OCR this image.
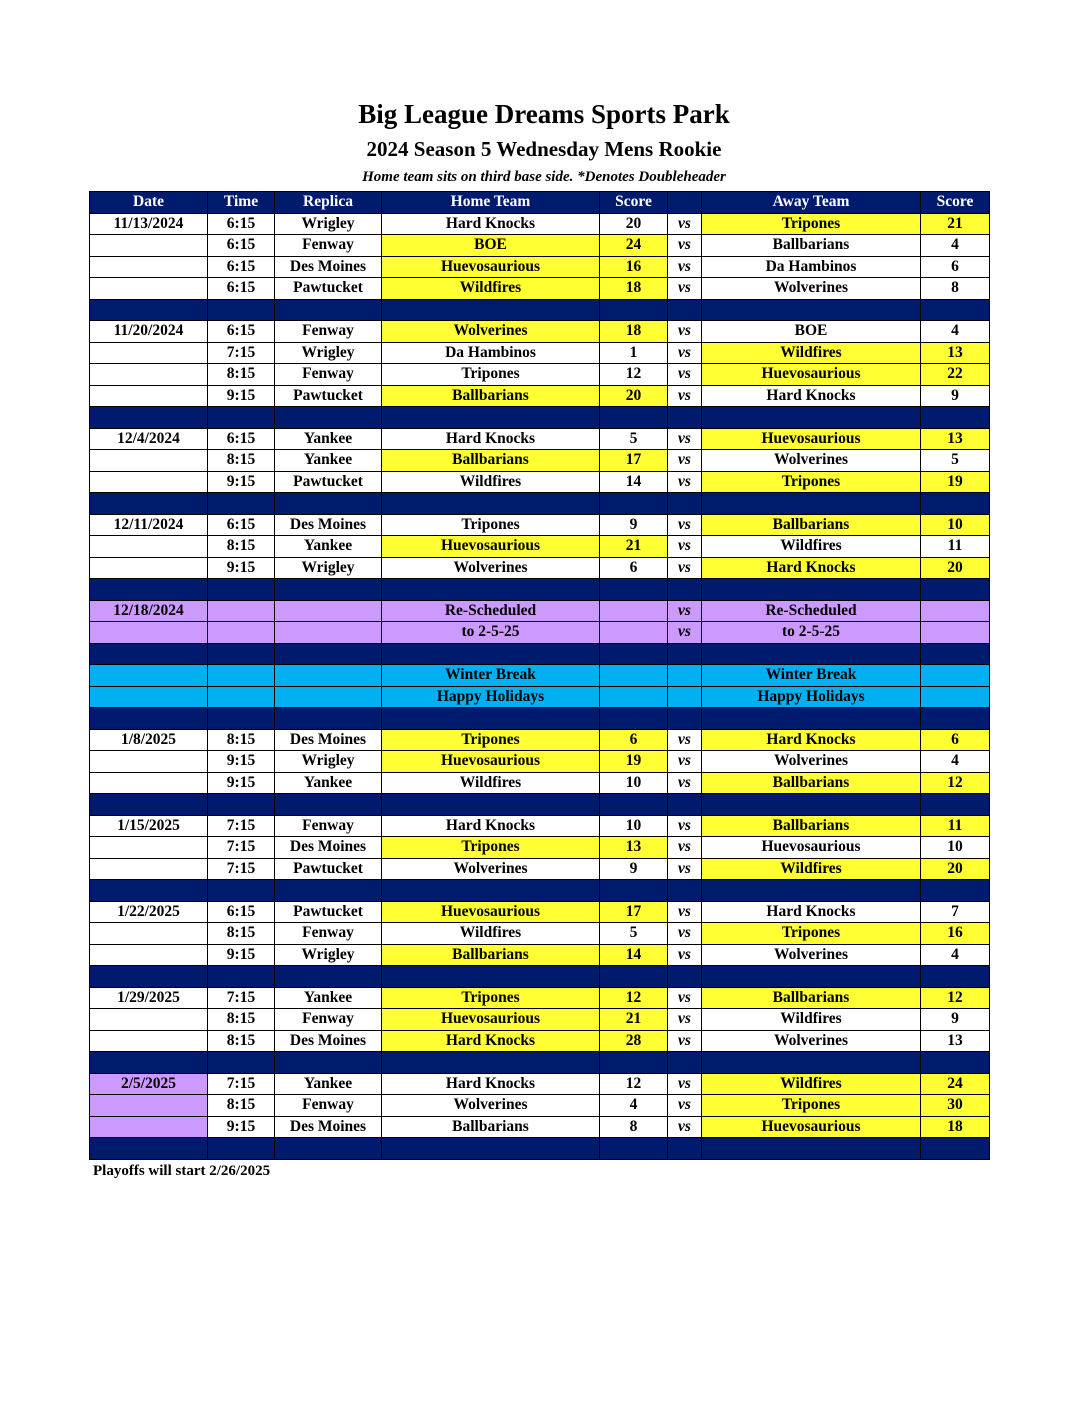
Big League Dreams Sports Park
2024 Season 5 Wednesday Mens Rookie
Home team sits on third base side. *Denotes Doubleheader
Date	Time	Replica	Home Team	Score		Away Team	Score
11/13/2024	6:15	Wrigley	Hard Knocks	20	vs	Tripones	21
	6:15	Fenway	BOE	24	vs	Ballbarians	4
	6:15	Des Moines	Huevosaurious	16	vs	Da Hambinos	6
	6:15	Pawtucket	Wildfires	18	vs	Wolverines	8

11/20/2024	6:15	Fenway	Wolverines	18	vs	BOE	4
	7:15	Wrigley	Da Hambinos	1	vs	Wildfires	13
	8:15	Fenway	Tripones	12	vs	Huevosaurious	22
	9:15	Pawtucket	Ballbarians	20	vs	Hard Knocks	9

12/4/2024	6:15	Yankee	Hard Knocks	5	vs	Huevosaurious	13
	8:15	Yankee	Ballbarians	17	vs	Wolverines	5
	9:15	Pawtucket	Wildfires	14	vs	Tripones	19

12/11/2024	6:15	Des Moines	Tripones	9	vs	Ballbarians	10
	8:15	Yankee	Huevosaurious	21	vs	Wildfires	11
	9:15	Wrigley	Wolverines	6	vs	Hard Knocks	20

12/18/2024			Re-Scheduled		vs	Re-Scheduled	
			to 2-5-25		vs	to 2-5-25	

			Winter Break			Winter Break	
			Happy Holidays			Happy Holidays	

1/8/2025	8:15	Des Moines	Tripones	6	vs	Hard Knocks	6
	9:15	Wrigley	Huevosaurious	19	vs	Wolverines	4
	9:15	Yankee	Wildfires	10	vs	Ballbarians	12

1/15/2025	7:15	Fenway	Hard Knocks	10	vs	Ballbarians	11
	7:15	Des Moines	Tripones	13	vs	Huevosaurious	10
	7:15	Pawtucket	Wolverines	9	vs	Wildfires	20

1/22/2025	6:15	Pawtucket	Huevosaurious	17	vs	Hard Knocks	7
	8:15	Fenway	Wildfires	5	vs	Tripones	16
	9:15	Wrigley	Ballbarians	14	vs	Wolverines	4

1/29/2025	7:15	Yankee	Tripones	12	vs	Ballbarians	12
	8:15	Fenway	Huevosaurious	21	vs	Wildfires	9
	8:15	Des Moines	Hard Knocks	28	vs	Wolverines	13

2/5/2025	7:15	Yankee	Hard Knocks	12	vs	Wildfires	24
	8:15	Fenway	Wolverines	4	vs	Tripones	30
	9:15	Des Moines	Ballbarians	8	vs	Huevosaurious	18

Playoffs will start 2/26/2025
